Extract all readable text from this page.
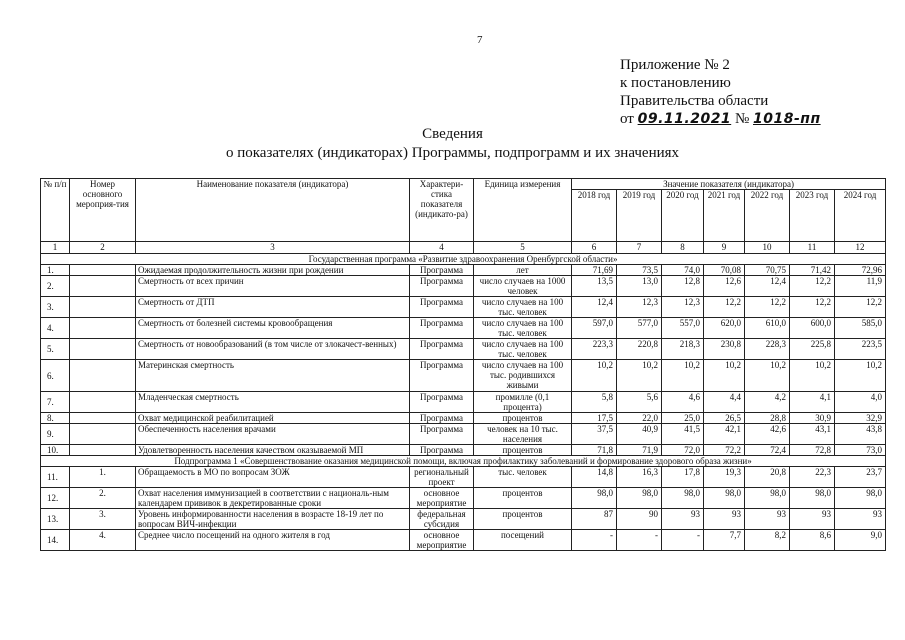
7
Приложение № 2
к постановлению
Правительства области
от 09.11.2021 № 1018-пп
Сведения
о показателях (индикаторах) Программы, подпрограмм и их значениях
№ п/п	Номер основного мероприя-тия	Наименование показателя (индикатора)	Характери-стика показателя (индикато-ра)	Единица измерения	Значение показателя (индикатора)						
					2018 год	2019 год	2020 год	2021 год	2022 год	2023 год	2024 год
1	2	3	4	5	6	7	8	9	10	11	12
Государственная программа «Развитие здравоохранения Оренбургской области»											
1.		Ожидаемая продолжительность жизни при рождении	Программа	лет	71,69	73,5	74,0	70,08	70,75	71,42	72,96
2.		Смертность от всех причин	Программа	число случаев на 1000 человек	13,5	13,0	12,8	12,6	12,4	12,2	11,9
3.		Смертность от ДТП	Программа	число случаев на 100 тыс. человек	12,4	12,3	12,3	12,2	12,2	12,2	12,2
4.		Смертность от болезней системы кровообращения	Программа	число случаев на 100 тыс. человек	597,0	577,0	557,0	620,0	610,0	600,0	585,0
5.		Смертность от новообразований (в том числе от злокачест-венных)	Программа	число случаев на 100 тыс. человек	223,3	220,8	218,3	230,8	228,3	225,8	223,5
6.		Материнская смертность	Программа	число случаев на 100 тыс. родившихся живыми	10,2	10,2	10,2	10,2	10,2	10,2	10,2
7.		Младенческая смертность	Программа	промилле (0,1 процента)	5,8	5,6	4,6	4,4	4,2	4,1	4,0
8.		Охват медицинской реабилитацией	Программа	процентов	17,5	22,0	25,0	26,5	28,8	30,9	32,9
9.		Обеспеченность населения врачами	Программа	человек на 10 тыс. населения	37,5	40,9	41,5	42,1	42,6	43,1	43,8
10.		Удовлетворенность населения качеством оказываемой МП	Программа	процентов	71,8	71,9	72,0	72,2	72,4	72,8	73,0
Подпрограмма 1 «Совершенствование оказания медицинской помощи, включая профилактику заболеваний и формирование здорового образа жизни»											
11.	1.	Обращаемость в МО по вопросам ЗОЖ	региональный проект	тыс. человек	14,8	16,3	17,8	19,3	20,8	22,3	23,7
12.	2.	Охват населения иммунизацией в соответствии с националь-ным календарем прививок в декретированные сроки	основное мероприятие	процентов	98,0	98,0	98,0	98,0	98,0	98,0	98,0
13.	3.	Уровень информированности населения в возрасте 18-19 лет по вопросам ВИЧ-инфекции	федеральная субсидия	процентов	87	90	93	93	93	93	93
14.	4.	Среднее число посещений на одного жителя в год	основное мероприятие	посещений	-	-	-	7,7	8,2	8,6	9,0
